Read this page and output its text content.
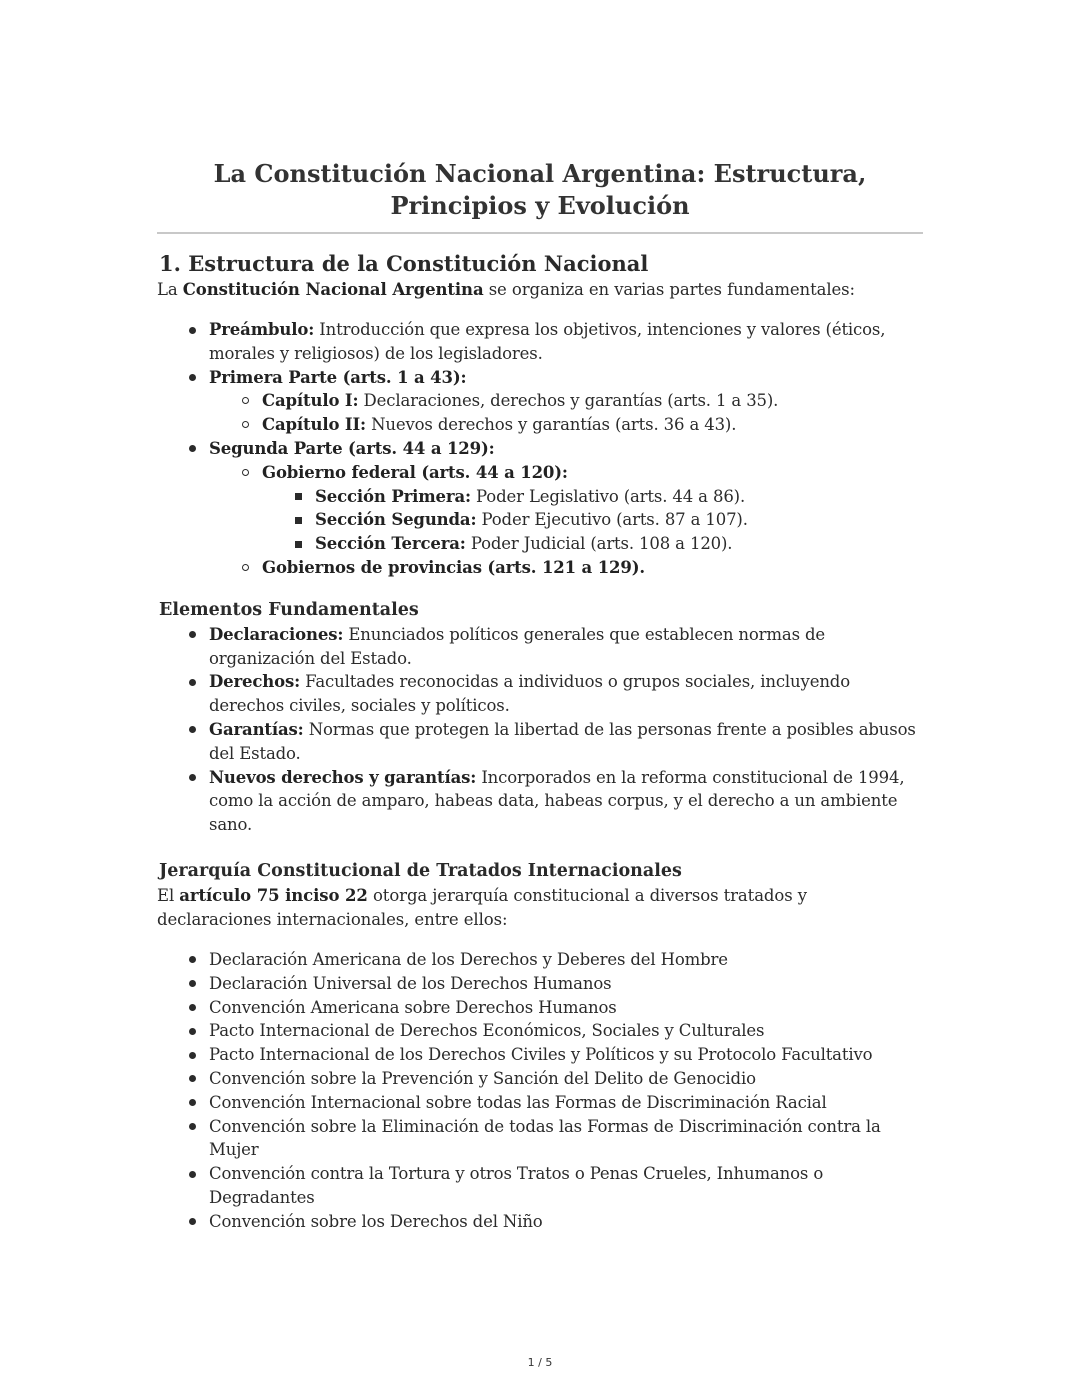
La Constitución Nacional Argentina: Estructura, Principios y Evolución
1. Estructura de la Constitución Nacional

La Constitución Nacional Argentina se organiza en varias partes fundamentales:

Preámbulo: Introducción que expresa los objetivos, intenciones y valores (éticos, morales y religiosos) de los legisladores.
Primera Parte (arts. 1 a 43):
Capítulo I: Declaraciones, derechos y garantías (arts. 1 a 35).
Capítulo II: Nuevos derechos y garantías (arts. 36 a 43).
Segunda Parte (arts. 44 a 129):
Gobierno federal (arts. 44 a 120):
Sección Primera: Poder Legislativo (arts. 44 a 86).
Sección Segunda: Poder Ejecutivo (arts. 87 a 107).
Sección Tercera: Poder Judicial (arts. 108 a 120).
Gobiernos de provincias (arts. 121 a 129).
Elementos Fundamentales
Declaraciones: Enunciados políticos generales que establecen normas de organización del Estado.
Derechos: Facultades reconocidas a individuos o grupos sociales, incluyendo derechos civiles, sociales y políticos.
Garantías: Normas que protegen la libertad de las personas frente a posibles abusos del Estado.
Nuevos derechos y garantías: Incorporados en la reforma constitucional de 1994, como la acción de amparo, habeas data, habeas corpus, y el derecho a un ambiente sano.
Jerarquía Constitucional de Tratados Internacionales

El artículo 75 inciso 22 otorga jerarquía constitucional a diversos tratados y declaraciones internacionales, entre ellos:

Declaración Americana de los Derechos y Deberes del Hombre
Declaración Universal de los Derechos Humanos
Convención Americana sobre Derechos Humanos
Pacto Internacional de Derechos Económicos, Sociales y Culturales
Pacto Internacional de los Derechos Civiles y Políticos y su Protocolo Facultativo
Convención sobre la Prevención y Sanción del Delito de Genocidio
Convención Internacional sobre todas las Formas de Discriminación Racial
Convención sobre la Eliminación de todas las Formas de Discriminación contra la Mujer
Convención contra la Tortura y otros Tratos o Penas Crueles, Inhumanos o Degradantes
Convención sobre los Derechos del Niño
1 / 5
